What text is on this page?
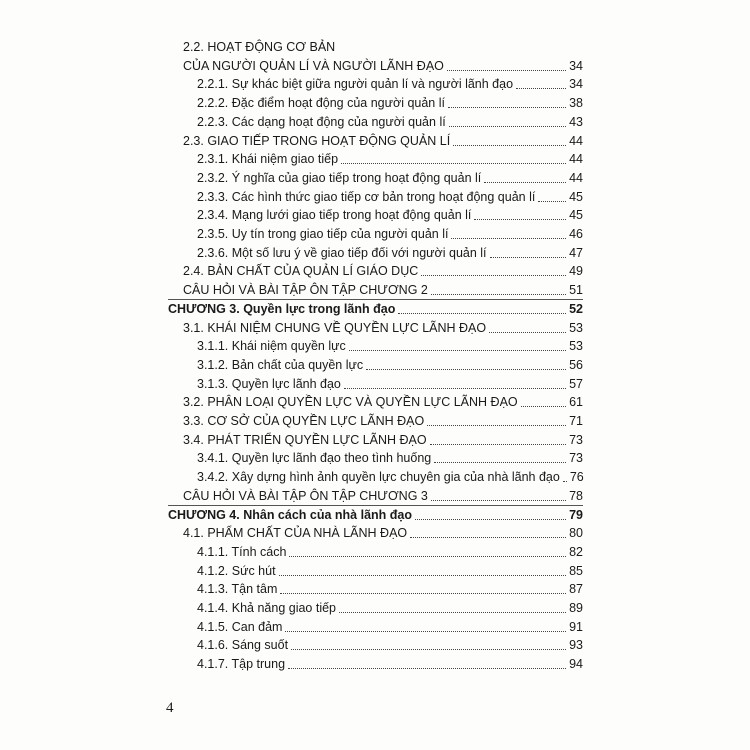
2.2. HOẠT ĐỘNG CƠ BẢN
CỦA NGƯỜI QUẢN LÍ VÀ NGƯỜI LÃNH ĐẠO	34
2.2.1. Sự khác biệt giữa người quản lí và người lãnh đạo	34
2.2.2. Đặc điểm hoạt động của người quản lí	38
2.2.3. Các dạng hoạt động của người quản lí	43
2.3. GIAO TIẾP TRONG HOẠT ĐỘNG QUẢN LÍ	44
2.3.1. Khái niệm giao tiếp	44
2.3.2. Ý nghĩa của giao tiếp trong hoạt động quản lí	44
2.3.3. Các hình thức giao tiếp cơ bản trong hoạt động quản lí	45
2.3.4. Mạng lưới giao tiếp trong hoạt động quản lí	45
2.3.5. Uy tín trong giao tiếp của người quản lí	46
2.3.6. Một số lưu ý về giao tiếp đối với người quản lí	47
2.4. BẢN CHẤT CỦA QUẢN LÍ GIÁO DỤC	49
CÂU HỎI VÀ BÀI TẬP ÔN TẬP CHƯƠNG 2	51
CHƯƠNG 3. Quyền lực trong lãnh đạo	52
3.1. KHÁI NIỆM CHUNG VỀ QUYỀN LỰC LÃNH ĐẠO	53
3.1.1. Khái niệm quyền lực	53
3.1.2. Bản chất của quyền lực	56
3.1.3. Quyền lực lãnh đạo	57
3.2. PHÂN LOẠI QUYỀN LỰC VÀ QUYỀN LỰC LÃNH ĐẠO	61
3.3. CƠ SỞ CỦA QUYỀN LỰC LÃNH ĐẠO	71
3.4. PHÁT TRIỂN QUYỀN LỰC LÃNH ĐẠO	73
3.4.1. Quyền lực lãnh đạo theo tình huống	73
3.4.2. Xây dựng hình ảnh quyền lực chuyên gia của nhà lãnh đạo 76
CÂU HỎI VÀ BÀI TẬP ÔN TẬP CHƯƠNG 3	78
CHƯƠNG 4. Nhân cách của nhà lãnh đạo	79
4.1. PHẨM CHẤT CỦA NHÀ LÃNH ĐẠO	80
4.1.1. Tính cách	82
4.1.2. Sức hút	85
4.1.3. Tận tâm	87
4.1.4. Khả năng giao tiếp	89
4.1.5. Can đảm	91
4.1.6. Sáng suốt	93
4.1.7. Tập trung	94
4
